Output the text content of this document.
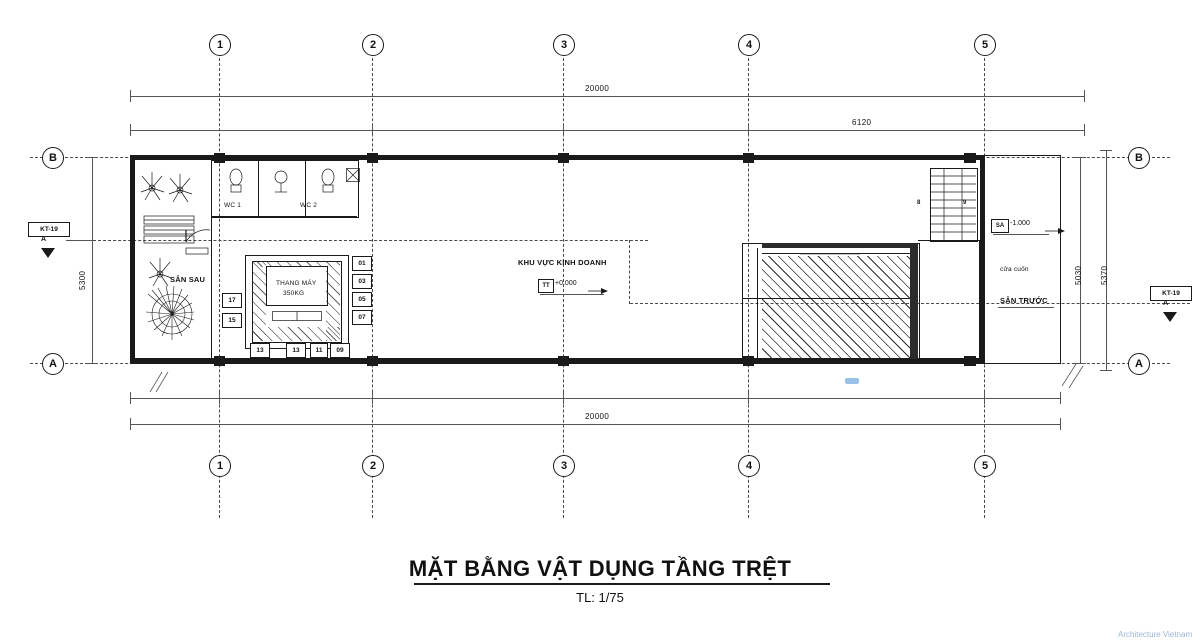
1	2	3	4	5
1	2	3	4	5
B
A
B
A
20000
6120
20000
5300	5030 5370
KT-19
A
KT-19
A
SÂN SAU
WC 1	WC 2
THANG MÁY
350KG
01
03
05
07
09
11
13
13
15
17
KHU VỰC KINH DOANH
TT +0.000
8	9
SA -1.000
cửa cuốn
SÂN TRƯỚC
MẶT BẰNG VẬT DỤNG TẦNG TRỆT
TL: 1/75
Architecture Vietnam
